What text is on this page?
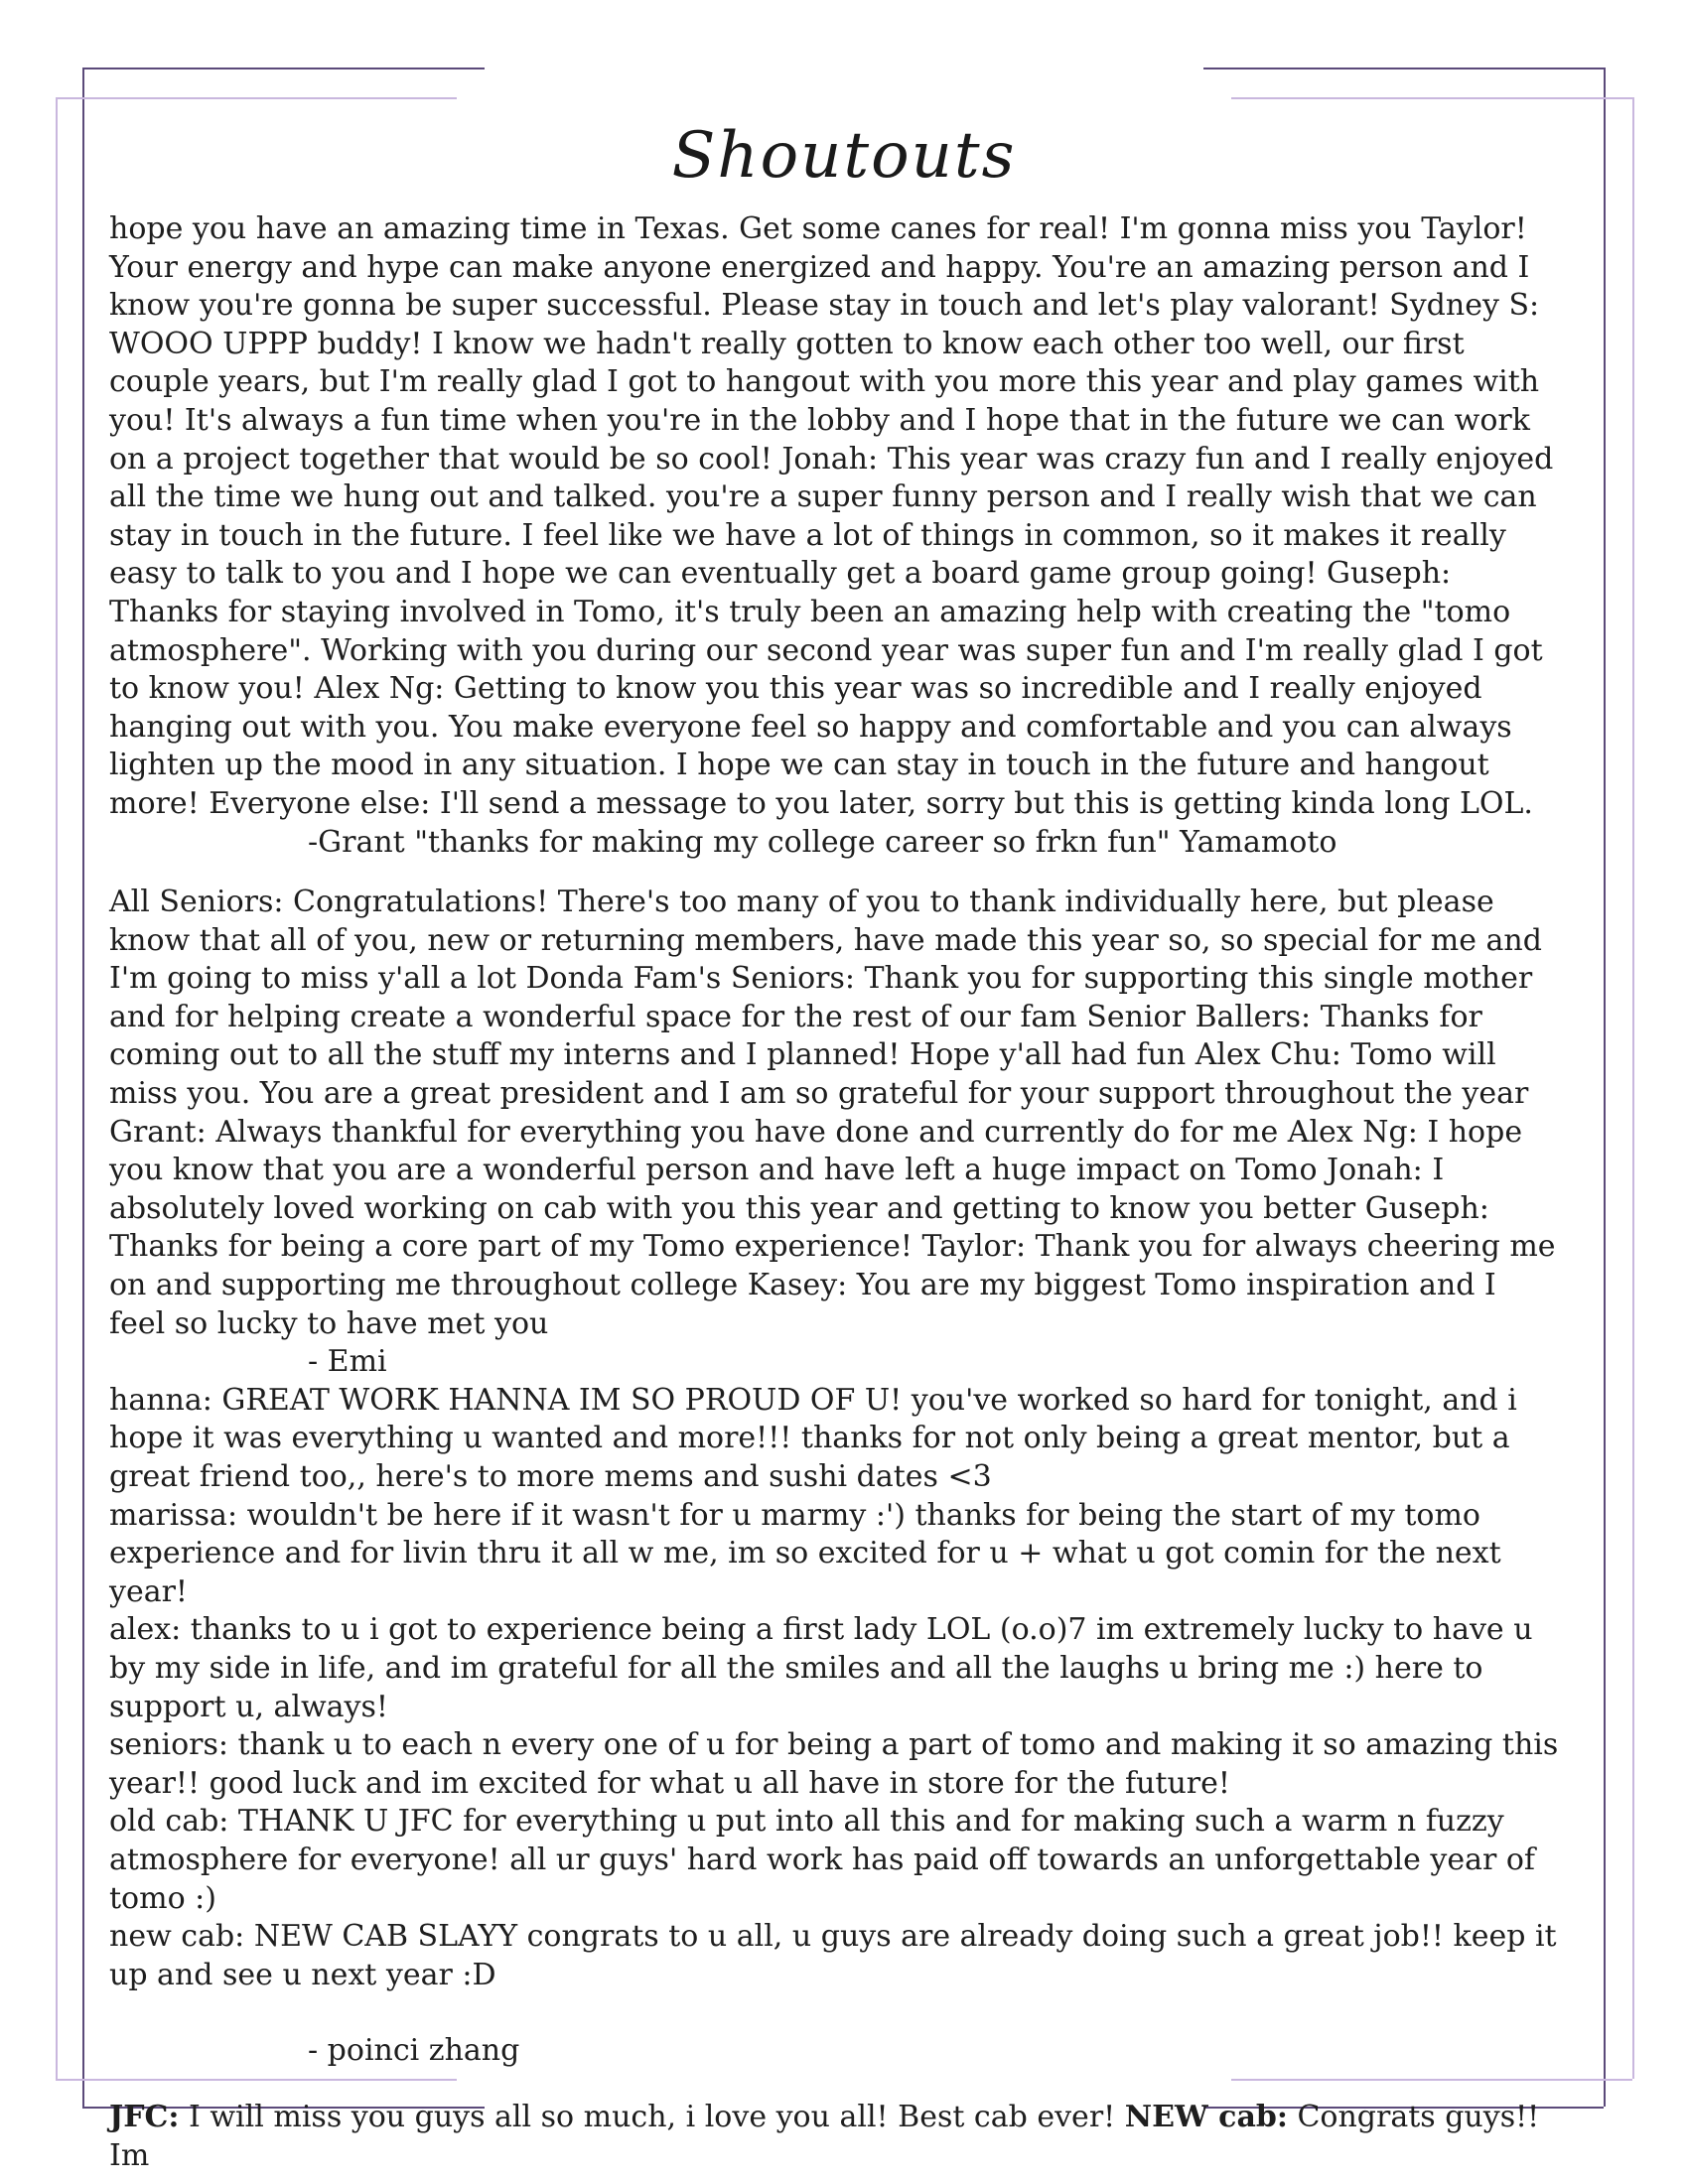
Shoutouts

hope you have an amazing time in Texas. Get some canes for real! I'm gonna miss you Taylor! Your energy and hype can make anyone energized and happy. You're an amazing person and I know you're gonna be super successful. Please stay in touch and let's play valorant! Sydney S: WOOO UPPP buddy! I know we hadn't really gotten to know each other too well, our first couple years, but I'm really glad I got to hangout with you more this year and play games with you! It's always a fun time when you're in the lobby and I hope that in the future we can work on a project together that would be so cool! Jonah: This year was crazy fun and I really enjoyed all the time we hung out and talked. you're a super funny person and I really wish that we can stay in touch in the future. I feel like we have a lot of things in common, so it makes it really easy to talk to you and I hope we can eventually get a board game group going! Guseph: Thanks for staying involved in Tomo, it's truly been an amazing help with creating the "tomo atmosphere". Working with you during our second year was super fun and I'm really glad I got to know you! Alex Ng: Getting to know you this year was so incredible and I really enjoyed hanging out with you. You make everyone feel so happy and comfortable and you can always lighten up the mood in any situation. I hope we can stay in touch in the future and hangout more! Everyone else: I'll send a message to you later, sorry but this is getting kinda long LOL.

-Grant "thanks for making my college career so frkn fun" Yamamoto

All Seniors: Congratulations! There's too many of you to thank individually here, but please know that all of you, new or returning members, have made this year so, so special for me and I'm going to miss y'all a lot Donda Fam's Seniors: Thank you for supporting this single mother and for helping create a wonderful space for the rest of our fam Senior Ballers: Thanks for coming out to all the stuff my interns and I planned! Hope y'all had fun Alex Chu: Tomo will miss you. You are a great president and I am so grateful for your support throughout the year Grant: Always thankful for everything you have done and currently do for me Alex Ng: I hope you know that you are a wonderful person and have left a huge impact on Tomo Jonah: I absolutely loved working on cab with you this year and getting to know you better Guseph: Thanks for being a core part of my Tomo experience! Taylor: Thank you for always cheering me on and supporting me throughout college Kasey: You are my biggest Tomo inspiration and I feel so lucky to have met you

- Emi

hanna: GREAT WORK HANNA IM SO PROUD OF U! you've worked so hard for tonight, and i hope it was everything u wanted and more!!! thanks for not only being a great mentor, but a great friend too,, here's to more mems and sushi dates <3

marissa: wouldn't be here if it wasn't for u marmy :') thanks for being the start of my tomo experience and for livin thru it all w me, im so excited for u + what u got comin for the next year!

alex: thanks to u i got to experience being a first lady LOL (o.o)7 im extremely lucky to have u by my side in life, and im grateful for all the smiles and all the laughs u bring me :) here to support u, always!

seniors: thank u to each n every one of u for being a part of tomo and making it so amazing this year!! good luck and im excited for what u all have in store for the future!

old cab: THANK U JFC for everything u put into all this and for making such a warm n fuzzy atmosphere for everyone! all ur guys' hard work has paid off towards an unforgettable year of tomo :)

new cab: NEW CAB SLAYY congrats to u all, u guys are already doing such a great job!! keep it up and see u next year :D

- poinci zhang

JFC: I will miss you guys all so much, i love you all! Best cab ever! NEW cab: Congrats guys!! Im
